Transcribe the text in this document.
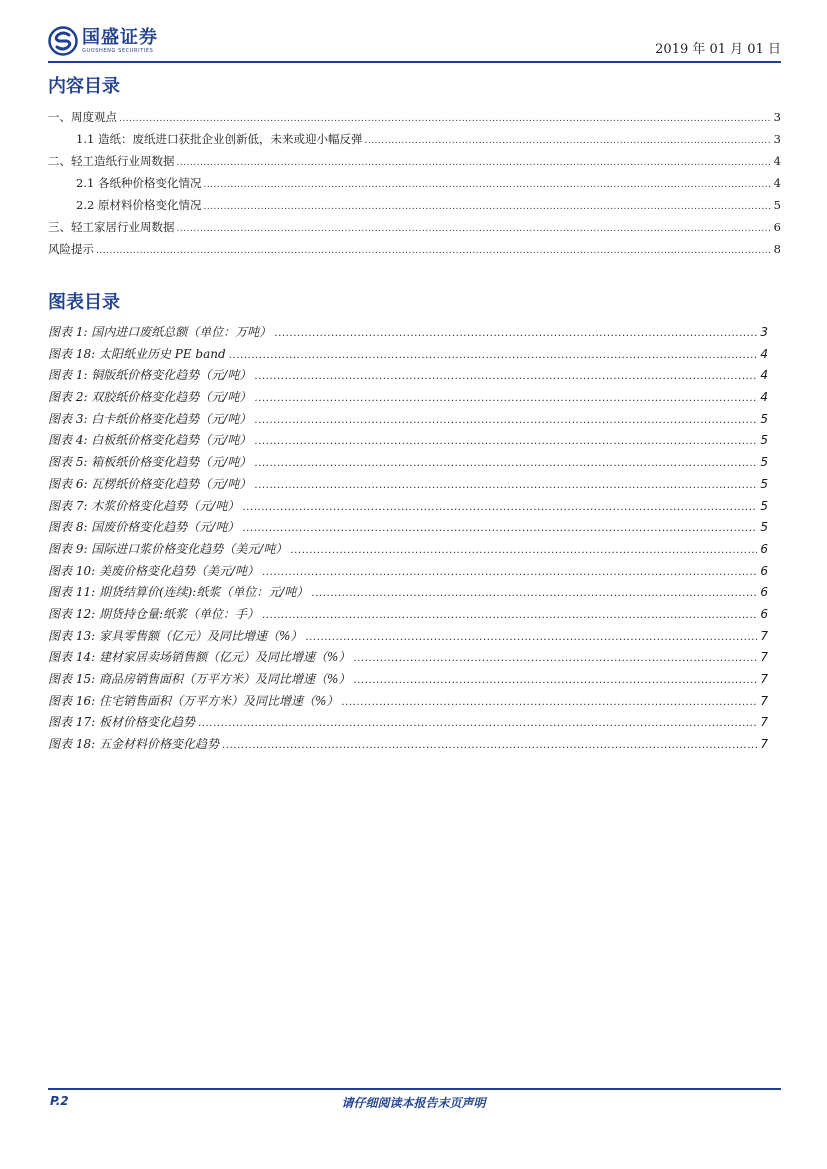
国盛证券
GUOSHENG SECURITIES	2019 年 01 月 01 日
内容目录
一、周度观点 .....	3
1.1 造纸：废纸进口获批企业创新低，未来或迎小幅反弹 .....	3
二、轻工造纸行业周数据 .....	4
2.1 各纸种价格变化情况 .....	4
2.2 原材料价格变化情况 .....	5
三、轻工家居行业周数据 .....	6
风险提示 .....	8
图表目录
图表 1: 国内进口废纸总额（单位：万吨） .....	3
图表 18: 太阳纸业历史 PE band .....	4
图表 1: 铜版纸价格变化趋势（元/吨） .....	4
图表 2: 双胶纸价格变化趋势（元/吨） .....	4
图表 3: 白卡纸价格变化趋势（元/吨） .....	5
图表 4: 白板纸价格变化趋势（元/吨） .....	5
图表 5: 箱板纸价格变化趋势（元/吨） .....	5
图表 6: 瓦楞纸价格变化趋势（元/吨） .....	5
图表 7: 木浆价格变化趋势（元/吨） .....	5
图表 8: 国废价格变化趋势（元/吨） .....	5
图表 9: 国际进口浆价格变化趋势（美元/吨） .....	6
图表 10: 美废价格变化趋势（美元/吨） .....	6
图表 11: 期货结算价(连续):纸浆（单位：元/吨） .....	6
图表 12: 期货持仓量:纸浆（单位：手） .....	6
图表 13: 家具零售额（亿元）及同比增速（%） .....	7
图表 14: 建材家居卖场销售额（亿元）及同比增速（%） .....	7
图表 15: 商品房销售面积（万平方米）及同比增速（%） .....	7
图表 16: 住宅销售面积（万平方米）及同比增速（%） .....	7
图表 17: 板材价格变化趋势 .....	7
图表 18: 五金材料价格变化趋势 .....	7
P.2	请仔细阅读本报告末页声明
